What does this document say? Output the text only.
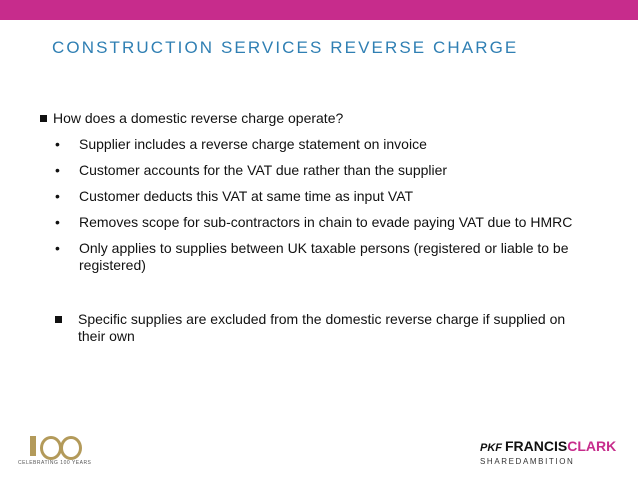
CONSTRUCTION SERVICES REVERSE CHARGE
How does a domestic reverse charge operate?
•	Supplier includes a reverse charge statement on invoice
•	Customer accounts for the VAT due rather than the supplier
•	Customer deducts this VAT at same time as input VAT
•	Removes scope for sub-contractors in chain to evade paying VAT due to HMRC
•	Only applies to supplies between UK taxable persons (registered or liable to be registered)
Specific supplies are excluded from the domestic reverse charge if supplied on their own
CELEBRATING 100 YEARS
PKF FRANCISCLARK
SHAREDAMBITION
